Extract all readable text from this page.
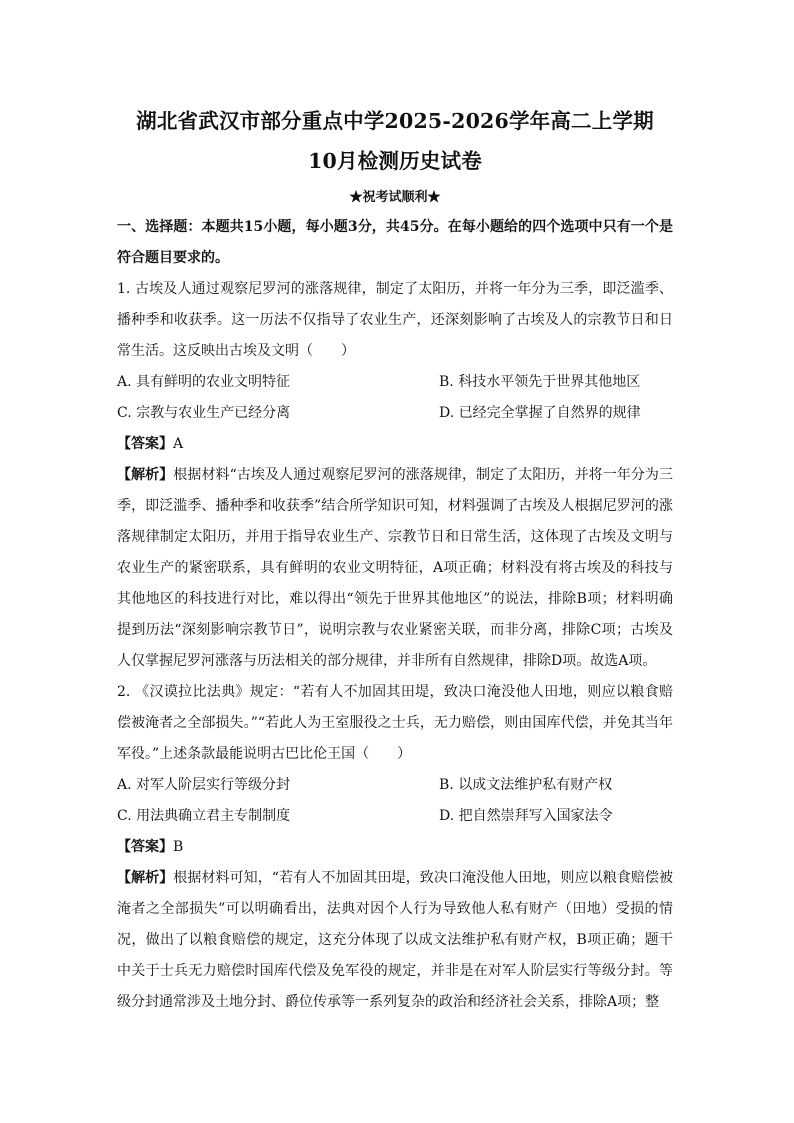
湖北省武汉市部分重点中学2025-2026学年高二上学期
10月检测历史试卷
★祝考试顺利★

一、选择题：本题共15小题，每小题3分，共45分。在每小题给的四个选项中只有一个是符合题目要求的。

1. 古埃及人通过观察尼罗河的涨落规律，制定了太阳历，并将一年分为三季，即泛滥季、播种季和收获季。这一历法不仅指导了农业生产，还深刻影响了古埃及人的宗教节日和日常生活。这反映出古埃及文明（　　）

A. 具有鲜明的农业文明特征	B. 科技水平领先于世界其他地区
C. 宗教与农业生产已经分离	D. 已经完全掌握了自然界的规律

【答案】A

【解析】根据材料“古埃及人通过观察尼罗河的涨落规律，制定了太阳历，并将一年分为三季，即泛滥季、播种季和收获季”结合所学知识可知，材料强调了古埃及人根据尼罗河的涨落规律制定太阳历，并用于指导农业生产、宗教节日和日常生活，这体现了古埃及文明与农业生产的紧密联系，具有鲜明的农业文明特征，A项正确；材料没有将古埃及的科技与其他地区的科技进行对比，难以得出“领先于世界其他地区”的说法，排除B项；材料明确提到历法“深刻影响宗教节日”，说明宗教与农业紧密关联，而非分离，排除C项；古埃及人仅掌握尼罗河涨落与历法相关的部分规律，并非所有自然规律，排除D项。故选A项。

2. 《汉谟拉比法典》规定：“若有人不加固其田堤，致决口淹没他人田地，则应以粮食赔偿被淹者之全部损失。”“若此人为王室服役之士兵，无力赔偿，则由国库代偿，并免其当年军役。”上述条款最能说明古巴比伦王国（　　）

A. 对军人阶层实行等级分封	B. 以成文法维护私有财产权
C. 用法典确立君主专制制度	D. 把自然崇拜写入国家法令

【答案】B

【解析】根据材料可知，“若有人不加固其田堤，致决口淹没他人田地，则应以粮食赔偿被淹者之全部损失”可以明确看出，法典对因个人行为导致他人私有财产（田地）受损的情况，做出了以粮食赔偿的规定，这充分体现了以成文法维护私有财产权，B项正确；题干中关于士兵无力赔偿时国库代偿及免军役的规定，并非是在对军人阶层实行等级分封。等级分封通常涉及土地分封、爵位传承等一系列复杂的政治和经济社会关系，排除A项；整
